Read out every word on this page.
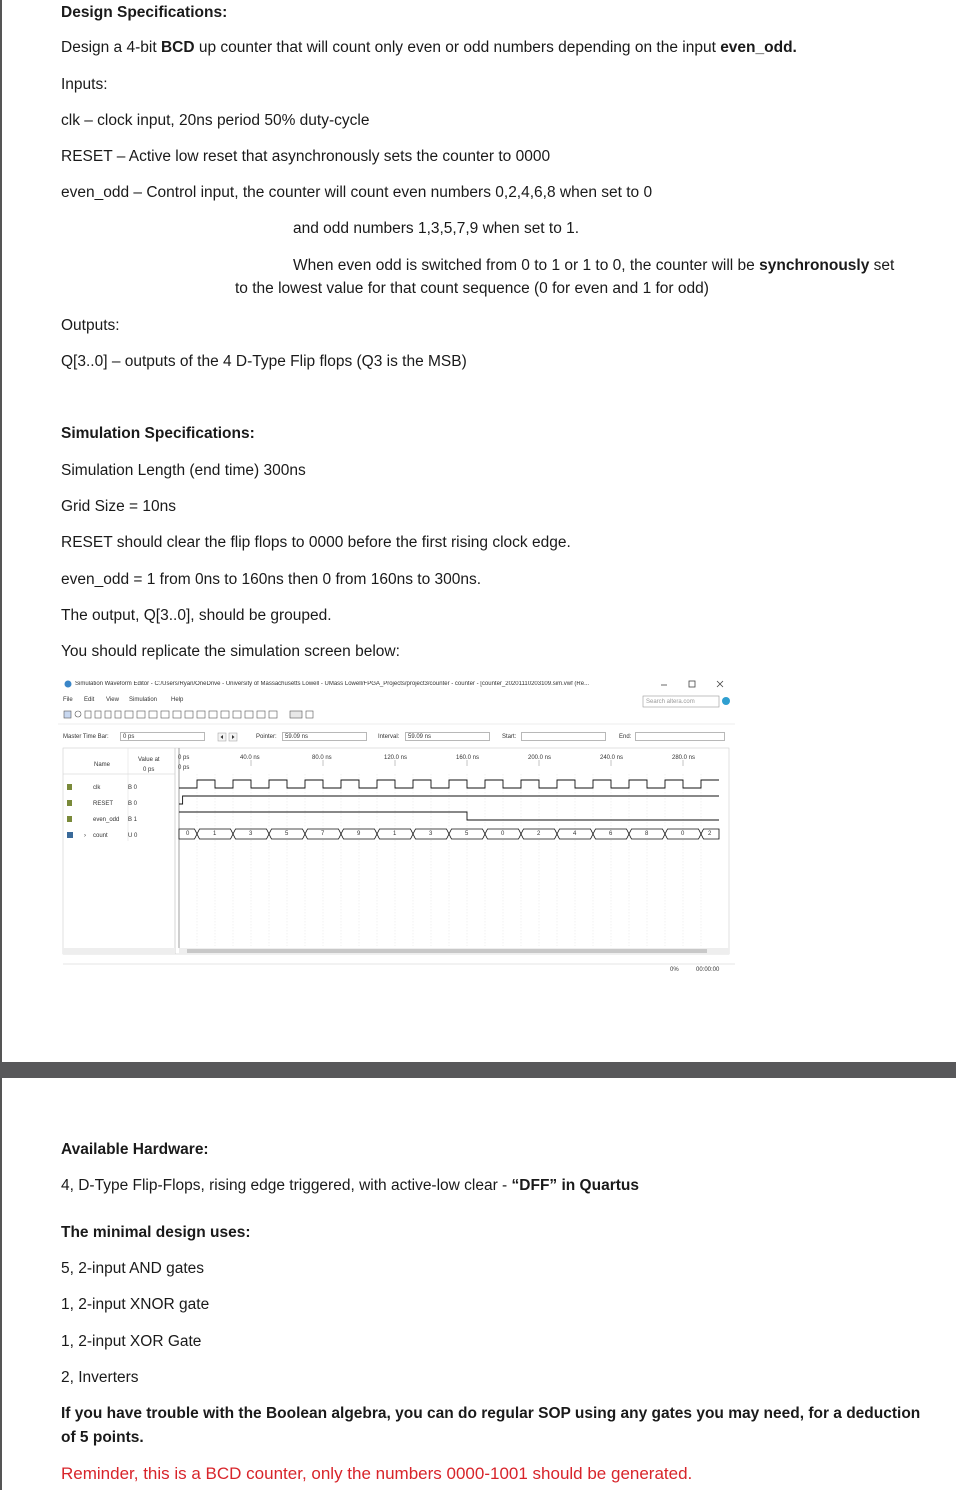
Design Specifications:
Design a 4-bit BCD up counter that will count only even or odd numbers depending on the input even_odd.
Inputs:
clk – clock input, 20ns period 50% duty-cycle
RESET – Active low reset that asynchronously sets the counter to 0000
even_odd – Control input, the counter will count even numbers 0,2,4,6,8 when set to 0
and odd numbers 1,3,5,7,9 when set to 1.
When even odd is switched from 0 to 1 or 1 to 0, the counter will be synchronously set
to the lowest value for that count sequence (0 for even and 1 for odd)
Outputs:
Q[3..0] – outputs of the 4 D-Type Flip flops (Q3 is the MSB)
Simulation Specifications:
Simulation Length (end time) 300ns
Grid Size = 10ns
RESET should clear the flip flops to 0000 before the first rising clock edge.
even_odd = 1 from 0ns to 160ns then 0 from 160ns to 300ns.
The output, Q[3..0], should be grouped.
You should replicate the simulation screen below:
Simulation Waveform Editor - C:/Users/Ryan/OneDrive - University of Massachusetts Lowell - UMass Lowell/FPGA_Projects/project3/counter - counter - [counter_20201110203109.sim.vwf (Re...
File Edit View Simulation Help	Search altera.com
Master Time Bar:	0 ps	Pointer:	59.09 ns	Interval:	59.09 ns	Start:	End:
Name
Value at
0 ps
0 ps
0 ps
clk	B 0
RESET B 0
even_odd B 1
› count	U 0
40.0 ns	80.0 ns	120.0 ns	160.0 ns	200.0 ns	240.0 ns	280.0 ns
0	1	3	5	7	9	1	3	5	0	2	4	6	8	0	2
0%	00:00:00
Available Hardware:
4, D-Type Flip-Flops, rising edge triggered, with active-low clear - “DFF” in Quartus
The minimal design uses:
5, 2-input AND gates
1, 2-input XNOR gate
1, 2-input XOR Gate
2, Inverters
If you have trouble with the Boolean algebra, you can do regular SOP using any gates you may need, for a deduction
of 5 points.
Reminder, this is a BCD counter, only the numbers 0000-1001 should be generated.
